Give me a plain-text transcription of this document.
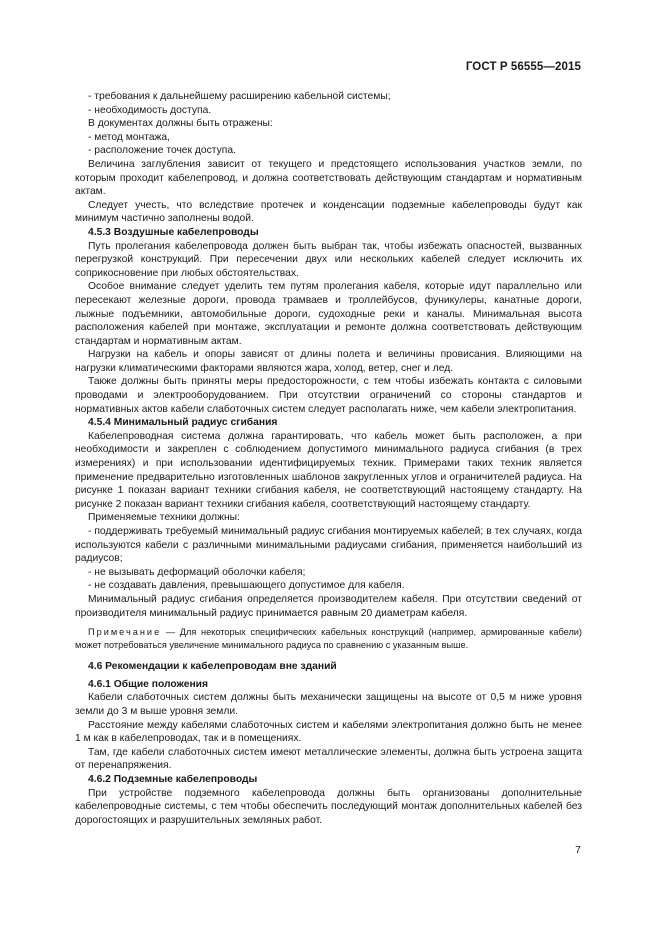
ГОСТ Р 56555—2015

- требования к дальнейшему расширению кабельной системы;

- необходимость доступа.

В документах должны быть отражены:

- метод монтажа,

- расположение точек доступа.

Величина заглубления зависит от текущего и предстоящего использования участков земли, по которым проходит кабелепровод, и должна соответствовать действующим стандартам и нормативным актам.

Следует учесть, что вследствие протечек и конденсации подземные кабелепроводы будут как минимум частично заполнены водой.

4.5.3 Воздушные кабелепроводы

Путь пролегания кабелепровода должен быть выбран так, чтобы избежать опасностей, вызванных перегрузкой конструкций. При пересечении двух или нескольких кабелей следует исключить их соприкосновение при любых обстоятельствах.

Особое внимание следует уделить тем путям пролегания кабеля, которые идут параллельно или пересекают железные дороги, провода трамваев и троллейбусов, фуникулеры, канатные дороги, лыжные подъемники, автомобильные дороги, судоходные реки и каналы. Минимальная высота расположения кабелей при монтаже, эксплуатации и ремонте должна соответствовать действующим стандартам и нормативным актам.

Нагрузки на кабель и опоры зависят от длины полета и величины провисания. Влияющими на нагрузки климатическими факторами являются жара, холод, ветер, снег и лед.

Также должны быть приняты меры предосторожности, с тем чтобы избежать контакта с силовыми проводами и электрооборудованием. При отсутствии ограничений со стороны стандартов и нормативных актов кабели слаботочных систем следует располагать ниже, чем кабели электропитания.

4.5.4 Минимальный радиус сгибания

Кабелепроводная система должна гарантировать, что кабель может быть расположен, а при необходимости и закреплен с соблюдением допустимого минимального радиуса сгибания (в трех измерениях) и при использовании идентифицируемых техник. Примерами таких техник является применение предварительно изготовленных шаблонов закругленных углов и ограничителей радиуса. На рисунке 1 показан вариант техники сгибания кабеля, не соответствующий настоящему стандарту. На рисунке 2 показан вариант техники сгибания кабеля, соответствующий настоящему стандарту.

Применяемые техники должны:

- поддерживать требуемый минимальный радиус сгибания монтируемых кабелей; в тех случаях, когда используются кабели с различными минимальными радиусами сгибания, применяется наибольший из радиусов;

- не вызывать деформаций оболочки кабеля;

- не создавать давления, превышающего допустимое для кабеля.

Минимальный радиус сгибания определяется производителем кабеля. При отсутствии сведений от производителя минимальный радиус принимается равным 20 диаметрам кабеля.

Примечание — Для некоторых специфических кабельных конструкций (например, армированные кабели) может потребоваться увеличение минимального радиуса по сравнению с указанным выше.

4.6 Рекомендации к кабелепроводам вне зданий

4.6.1 Общие положения

Кабели слаботочных систем должны быть механически защищены на высоте от 0,5 м ниже уровня земли до 3 м выше уровня земли.

Расстояние между кабелями слаботочных систем и кабелями электропитания должно быть не менее 1 м как в кабелепроводах, так и в помещениях.

Там, где кабели слаботочных систем имеют металлические элементы, должна быть устроена защита от перенапряжения.

4.6.2 Подземные кабелепроводы

При устройстве подземного кабелепровода должны быть организованы дополнительные кабелепроводные системы, с тем чтобы обеспечить последующий монтаж дополнительных кабелей без дорогостоящих и разрушительных земляных работ.

7
